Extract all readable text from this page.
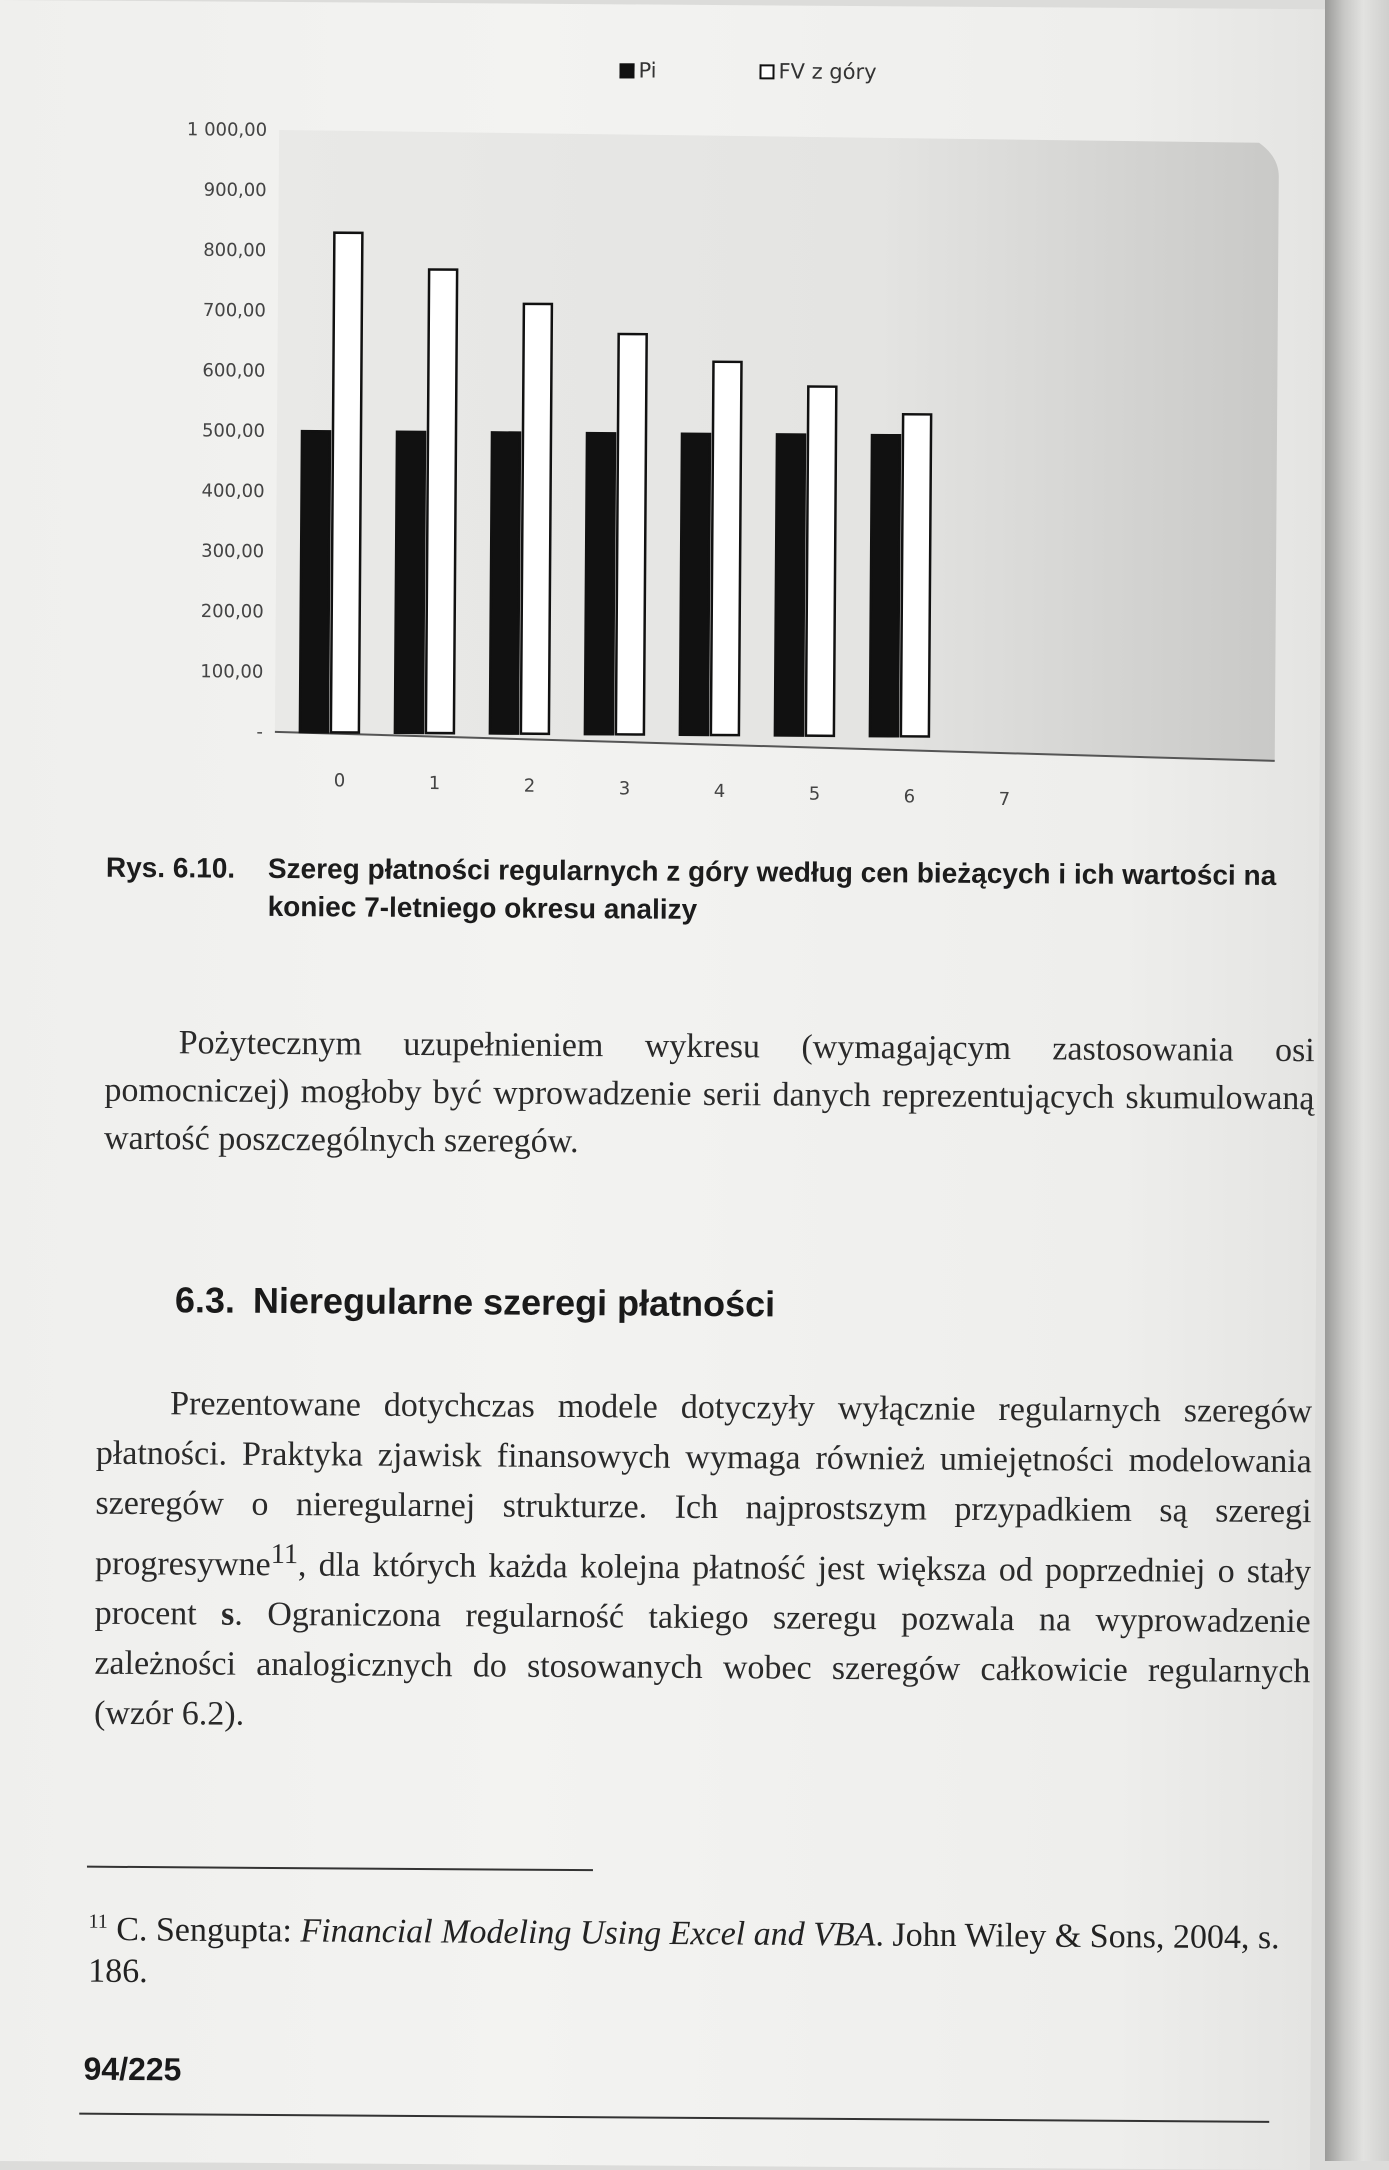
Pi	FV z góry
-
100,00
200,00
300,00
400,00
500,00
600,00
700,00
800,00
900,00
1 000,00
0	1	2	3	4	5	6	7
Rys. 6.10. Szereg płatności regularnych z góry według cen bieżących i ich wartości na koniec 7-letniego okresu analizy
Pożytecznym uzupełnieniem wykresu (wymagającym zastosowania osi pomocniczej) mogłoby być wprowadzenie serii danych reprezentujących skumulowaną wartość poszczególnych szeregów.
6.3. Nieregularne szeregi płatności
Prezentowane dotychczas modele dotyczyły wyłącznie regularnych szeregów płatności. Praktyka zjawisk finansowych wymaga również umiejętności modelowania szeregów o nieregularnej strukturze. Ich najprostszym przypadkiem są szeregi progresywne$^{11}$, dla których każda kolejna płatność jest większa od poprzedniej o stały procent s. Ograniczona regularność takiego szeregu pozwala na wyprowadzenie zależności analogicznych do stosowanych wobec szeregów całkowicie regularnych (wzór 6.2).
$^{11}$ C. Sengupta: Financial Modeling Using Excel and VBA. John Wiley & Sons, 2004, s. 186.
94/225
